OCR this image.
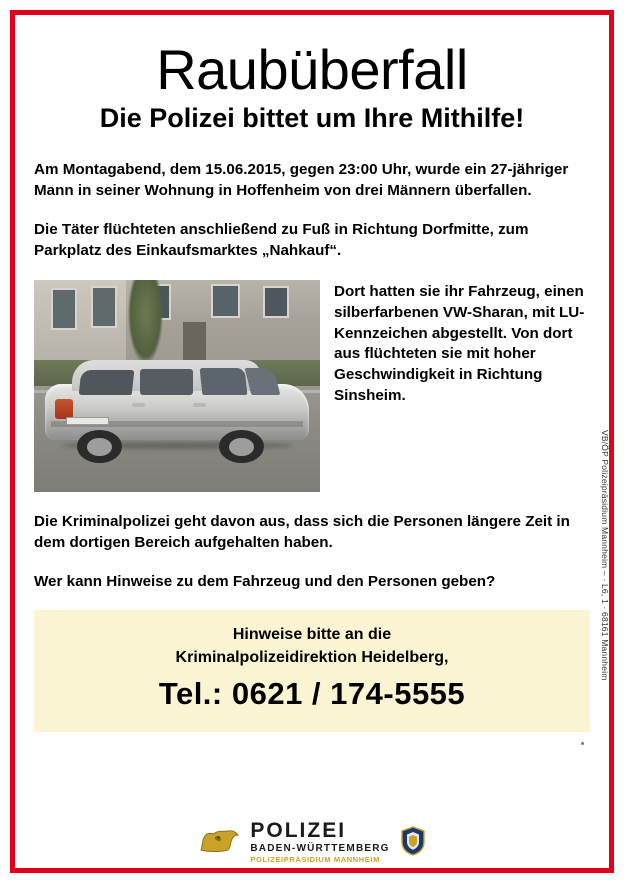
Raubüberfall
Die Polizei bittet um Ihre Mithilfe!

Am Montagabend, dem 15.06.2015, gegen 23:00 Uhr, wurde ein 27-jähriger Mann in seiner Wohnung in Hoffenheim von drei Männern überfallen.

Die Täter flüchteten anschließend zu Fuß in Richtung Dorfmitte, zum Parkplatz des Einkaufsmarktes „Nahkauf“.

Dort hatten sie ihr Fahrzeug, einen silberfarbenen VW-Sharan, mit LU-Kennzeichen abgestellt. Von dort aus flüchteten sie mit hoher Geschwindigkeit in Richtung Sinsheim.

Die Kriminalpolizei geht davon aus, dass sich die Personen längere Zeit in dem dortigen Bereich aufgehalten haben.

Wer kann Hinweise zu dem Fahrzeug und den Personen geben?

Hinweise bitte an die
Kriminalpolizeidirektion Heidelberg,
Tel.: 0621 / 174-5555
VB/ÖP Polizeipräsidium Mannheim – · L6, 1 · 68161 Mannheim
POLIZEI
BADEN-WÜRTTEMBERG
POLIZEIPRÄSIDIUM MANNHEIM
